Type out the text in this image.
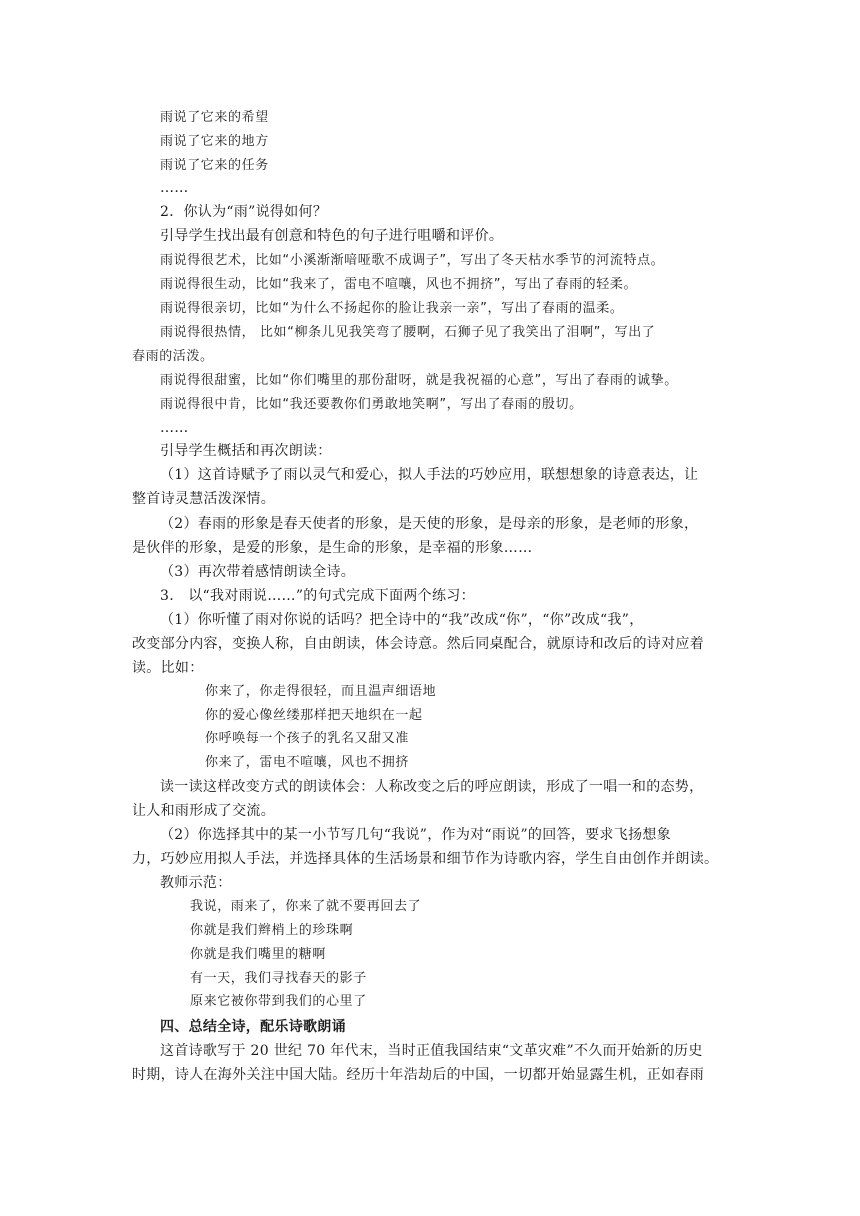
雨说了它来的希望
雨说了它来的地方
雨说了它来的任务
……
2．你认为“雨”说得如何？
引导学生找出最有创意和特色的句子进行咀嚼和评价。
雨说得很艺术，比如“小溪渐渐喑哑歌不成调子”，写出了冬天枯水季节的河流特点。
雨说得很生动，比如“我来了，雷电不喧嚷，风也不拥挤”，写出了春雨的轻柔。
雨说得很亲切，比如“为什么不扬起你的脸让我亲一亲”，写出了春雨的温柔。
雨说得很热情， 比如“柳条儿见我笑弯了腰啊，石狮子见了我笑出了泪啊”，写出了
春雨的活泼。
雨说得很甜蜜，比如“你们嘴里的那份甜呀，就是我祝福的心意”，写出了春雨的诚挚。
雨说得很中肯，比如“我还要教你们勇敢地笑啊”，写出了春雨的殷切。
……
引导学生概括和再次朗读：
（1）这首诗赋予了雨以灵气和爱心，拟人手法的巧妙应用，联想想象的诗意表达，让
整首诗灵慧活泼深情。
（2）春雨的形象是春天使者的形象，是天使的形象，是母亲的形象，是老师的形象，
是伙伴的形象，是爱的形象，是生命的形象，是幸福的形象……
（3）再次带着感情朗读全诗。
3.　以“我对雨说……”的句式完成下面两个练习：
（1）你听懂了雨对你说的话吗？把全诗中的“我”改成“你”，“你”改成“我”，
改变部分内容，变换人称，自由朗读，体会诗意。然后同桌配合，就原诗和改后的诗对应着
读。比如：
你来了，你走得很轻，而且温声细语地
你的爱心像丝缕那样把天地织在一起
你呼唤每一个孩子的乳名又甜又准
你来了，雷电不喧嚷，风也不拥挤
读一读这样改变方式的朗读体会：人称改变之后的呼应朗读，形成了一唱一和的态势，
让人和雨形成了交流。
（2）你选择其中的某一小节写几句“我说”，作为对“雨说”的回答，要求飞扬想象
力，巧妙应用拟人手法，并选择具体的生活场景和细节作为诗歌内容，学生自由创作并朗读。
教师示范：
我说，雨来了，你来了就不要再回去了
你就是我们辫梢上的珍珠啊
你就是我们嘴里的糖啊
有一天，我们寻找春天的影子
原来它被你带到我们的心里了
四、总结全诗，配乐诗歌朗诵
这首诗歌写于 20 世纪 70 年代末，当时正值我国结束“文革灾难”不久而开始新的历史
时期，诗人在海外关注中国大陆。经历十年浩劫后的中国，一切都开始显露生机，正如春雨
